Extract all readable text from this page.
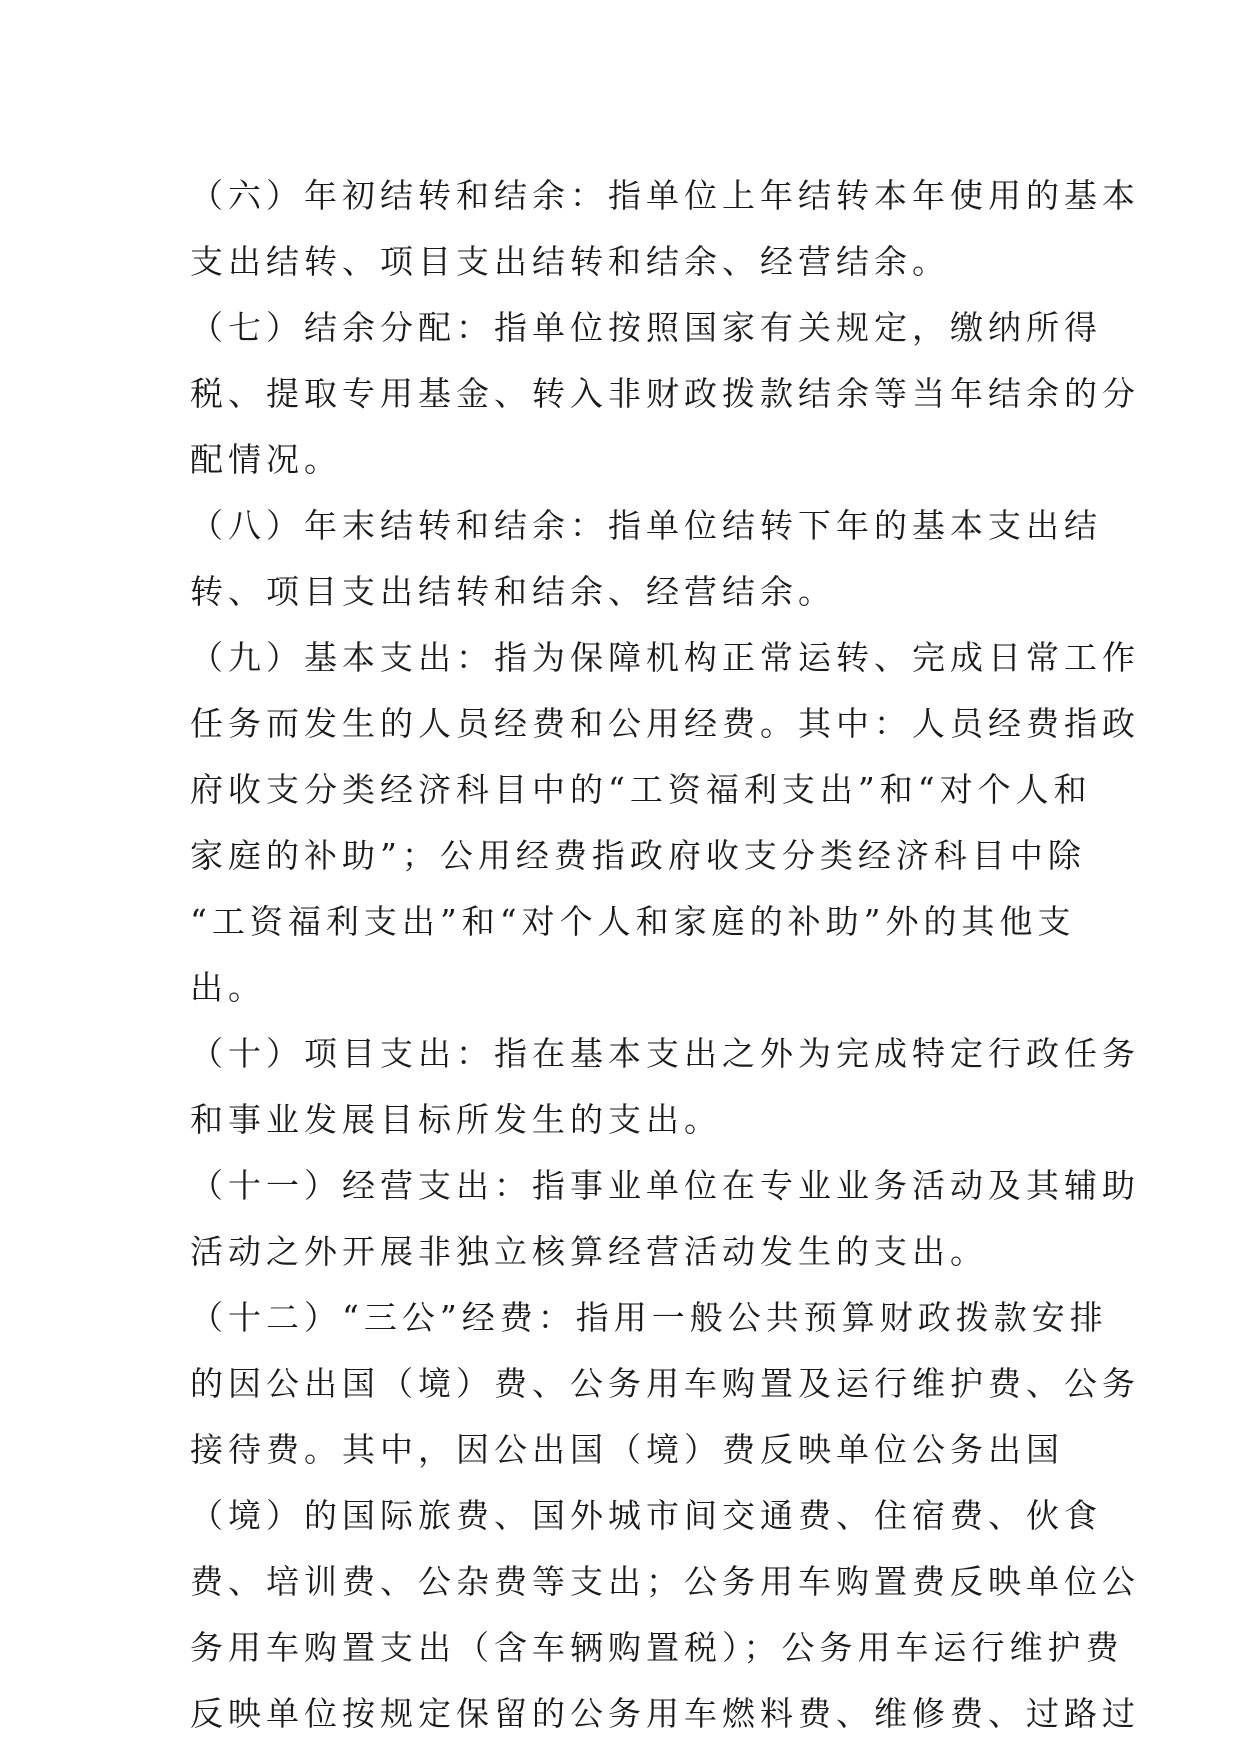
（六）年初结转和结余：指单位上年结转本年使用的基本
支出结转、项目支出结转和结余、经营结余。
（七）结余分配：指单位按照国家有关规定，缴纳所得
税、提取专用基金、转入非财政拨款结余等当年结余的分
配情况。
（八）年末结转和结余：指单位结转下年的基本支出结
转、项目支出结转和结余、经营结余。
（九）基本支出：指为保障机构正常运转、完成日常工作
任务而发生的人员经费和公用经费。其中：人员经费指政
府收支分类经济科目中的“工资福利支出”和“对个人和
家庭的补助”；公用经费指政府收支分类经济科目中除
“工资福利支出”和“对个人和家庭的补助”外的其他支
出。
（十）项目支出：指在基本支出之外为完成特定行政任务
和事业发展目标所发生的支出。
（十一）经营支出：指事业单位在专业业务活动及其辅助
活动之外开展非独立核算经营活动发生的支出。
（十二）“三公”经费：指用一般公共预算财政拨款安排
的因公出国（境）费、公务用车购置及运行维护费、公务
接待费。其中，因公出国（境）费反映单位公务出国
（境）的国际旅费、国外城市间交通费、住宿费、伙食
费、培训费、公杂费等支出；公务用车购置费反映单位公
务用车购置支出（含车辆购置税）；公务用车运行维护费
反映单位按规定保留的公务用车燃料费、维修费、过路过
